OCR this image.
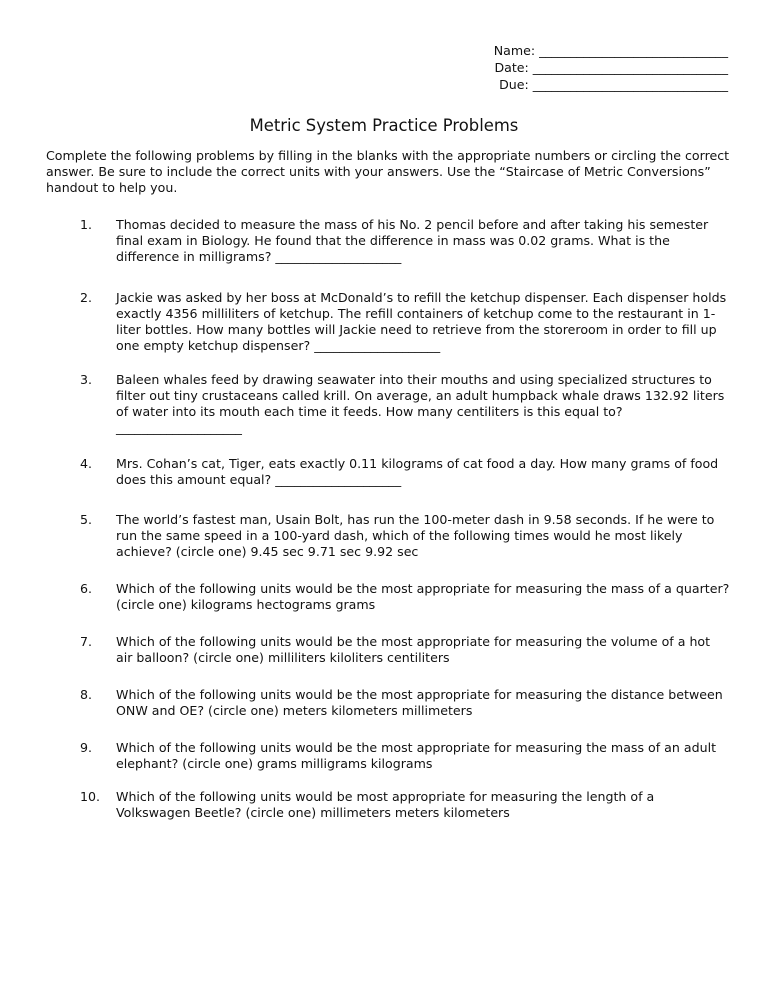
Name: ______________________________
Date: _______________________________
Due: _______________________________
Metric System Practice Problems
Complete the following problems by filling in the blanks with the appropriate numbers or circling the correct answer. Be sure to include the correct units with your answers. Use the “Staircase of Metric Conversions” handout to help you.
1. Thomas decided to measure the mass of his No. 2 pencil before and after taking his semester final exam in Biology. He found that the difference in mass was 0.02 grams. What is the difference in milligrams? ____________________
2. Jackie was asked by her boss at McDonald’s to refill the ketchup dispenser. Each dispenser holds exactly 4356 milliliters of ketchup. The refill containers of ketchup come to the restaurant in 1-liter bottles. How many bottles will Jackie need to retrieve from the storeroom in order to fill up one empty ketchup dispenser? ____________________
3. Baleen whales feed by drawing seawater into their mouths and using specialized structures to filter out tiny crustaceans called krill. On average, an adult humpback whale draws 132.92 liters of water into its mouth each time it feeds. How many centiliters is this equal to? ____________________
4. Mrs. Cohan’s cat, Tiger, eats exactly 0.11 kilograms of cat food a day. How many grams of food does this amount equal? ____________________
5. The world’s fastest man, Usain Bolt, has run the 100-meter dash in 9.58 seconds. If he were to run the same speed in a 100-yard dash, which of the following times would he most likely achieve? (circle one) 9.45 sec 9.71 sec 9.92 sec
6. Which of the following units would be the most appropriate for measuring the mass of a quarter? (circle one) kilograms hectograms grams
7. Which of the following units would be the most appropriate for measuring the volume of a hot air balloon? (circle one) milliliters kiloliters centiliters
8. Which of the following units would be the most appropriate for measuring the distance between ONW and OE? (circle one) meters kilometers millimeters
9. Which of the following units would be the most appropriate for measuring the mass of an adult elephant? (circle one) grams milligrams kilograms
10. Which of the following units would be most appropriate for measuring the length of a Volkswagen Beetle? (circle one) millimeters meters kilometers
